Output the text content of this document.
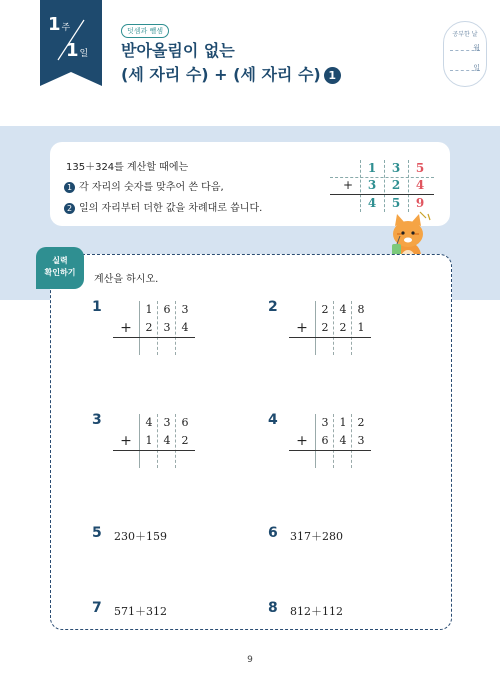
1주
1일
덧셈과 뺄셈
받아올림이 없는
(세 자리 수) + (세 자리 수) 1
공부한 날
월
일
135＋324를 계산할 때에는
1 각 자리의 숫자를 맞추어 쓴 다음,
2 일의 자리부터 더한 값을 차례대로 씁니다.
1	3	5
+	3	2	4
4	5	9
실력
확인하기
계산을 하시오.
1	1	6	3
+	2	3	4
2	2	4	8
+	2	2	1
3	4	3	6
+	1	4	2
4	3	1	2
+	6	4	3
5 230＋159	6 317＋280
7 571＋312	8 812＋112
9
